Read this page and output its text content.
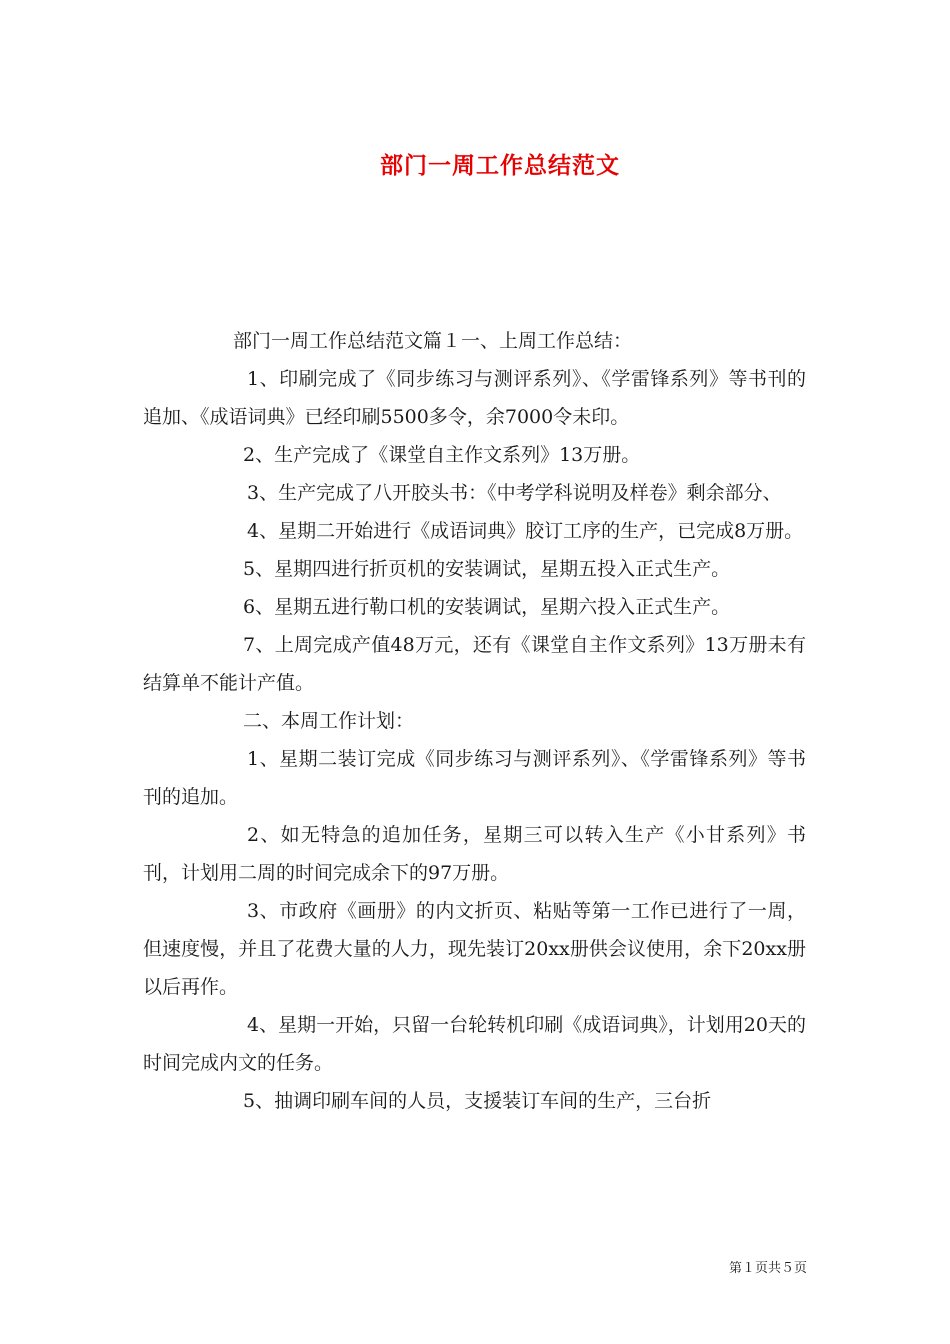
部门一周工作总结范文

部门一周工作总结范文篇１一、上周工作总结：

1、印刷完成了《同步练习与测评系列》、《学雷锋系列》等书刊的追加、《成语词典》已经印刷5500多令，余7000令未印。

2、生产完成了《课堂自主作文系列》13万册。

3、生产完成了八开胶头书：《中考学科说明及样卷》剩余部分、

4、星期二开始进行《成语词典》胶订工序的生产，已完成8万册。

5、星期四进行折页机的安装调试，星期五投入正式生产。

6、星期五进行勒口机的安装调试，星期六投入正式生产。

7、上周完成产值48万元，还有《课堂自主作文系列》13万册未有结算单不能计产值。

二、本周工作计划：

1、星期二装订完成《同步练习与测评系列》、《学雷锋系列》等书刊的追加。

2、如无特急的追加任务，星期三可以转入生产《小甘系列》书刊，计划用二周的时间完成余下的97万册。

3、市政府《画册》的内文折页、粘贴等第一工作已进行了一周，但速度慢，并且了花费大量的人力，现先装订20xx册供会议使用，余下20xx册以后再作。

4、星期一开始，只留一台轮转机印刷《成语词典》，计划用20天的时间完成内文的任务。

5、抽调印刷车间的人员，支援装订车间的生产，三台折

第１页共５页
